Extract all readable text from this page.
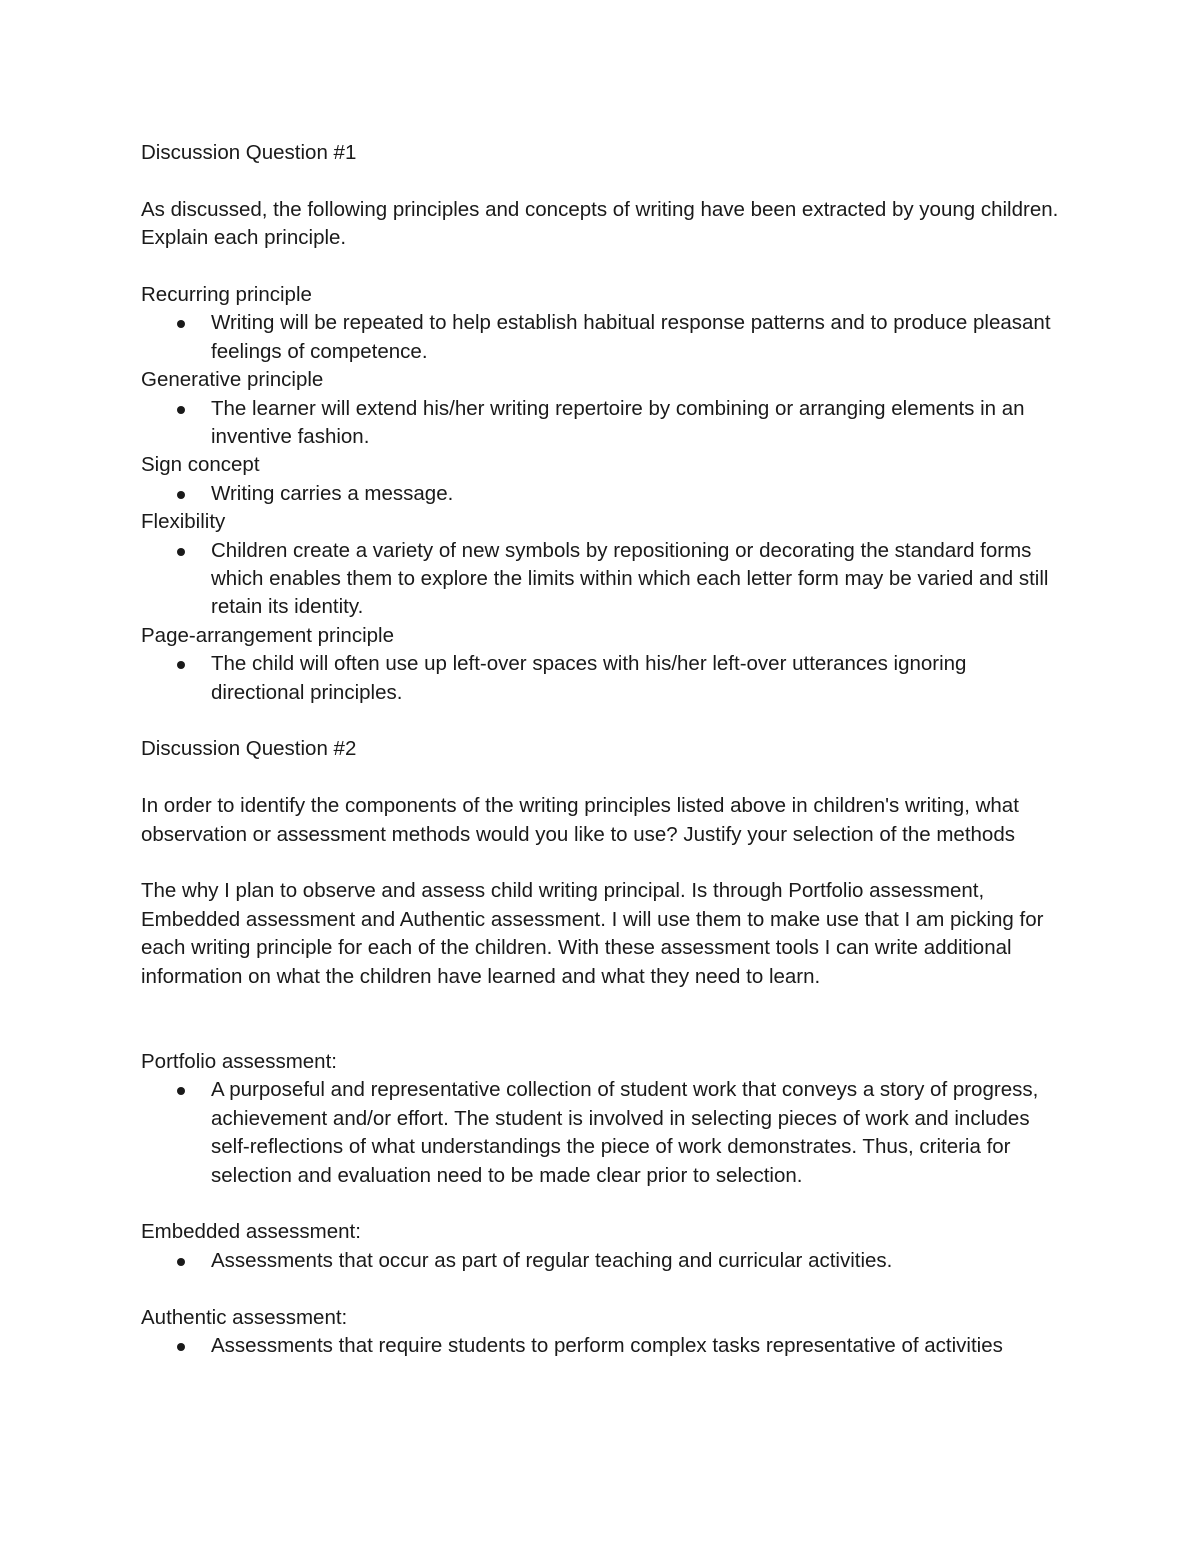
Discussion Question #1

As discussed, the following principles and concepts of writing have been extracted by young children. Explain each principle.

Recurring principle

Writing will be repeated to help establish habitual response patterns and to produce pleasant feelings of competence.

Generative principle

The learner will extend his/her writing repertoire by combining or arranging elements in an inventive fashion.

Sign concept

Writing carries a message.

Flexibility

Children create a variety of new symbols by repositioning or decorating the standard forms which enables them to explore the limits within which each letter form may be varied and still retain its identity.

Page-arrangement principle

The child will often use up left-over spaces with his/her left-over utterances ignoring directional principles.

Discussion Question #2

In order to identify the components of the writing principles listed above in children's writing, what observation or assessment methods would you like to use? Justify your selection of the methods

The why I plan to observe and assess child writing principal. Is through Portfolio assessment, Embedded assessment and Authentic assessment. I will use them to make use that I am picking for each writing principle for each of the children. With these assessment tools I can write additional information on what the children have learned and what they need to learn.

Portfolio assessment:

A purposeful and representative collection of student work that conveys a story of progress, achievement and/or effort. The student is involved in selecting pieces of work and includes self-reflections of what understandings the piece of work demonstrates. Thus, criteria for selection and evaluation need to be made clear prior to selection.

Embedded assessment:

Assessments that occur as part of regular teaching and curricular activities.

Authentic assessment:

Assessments that require students to perform complex tasks representative of activities
